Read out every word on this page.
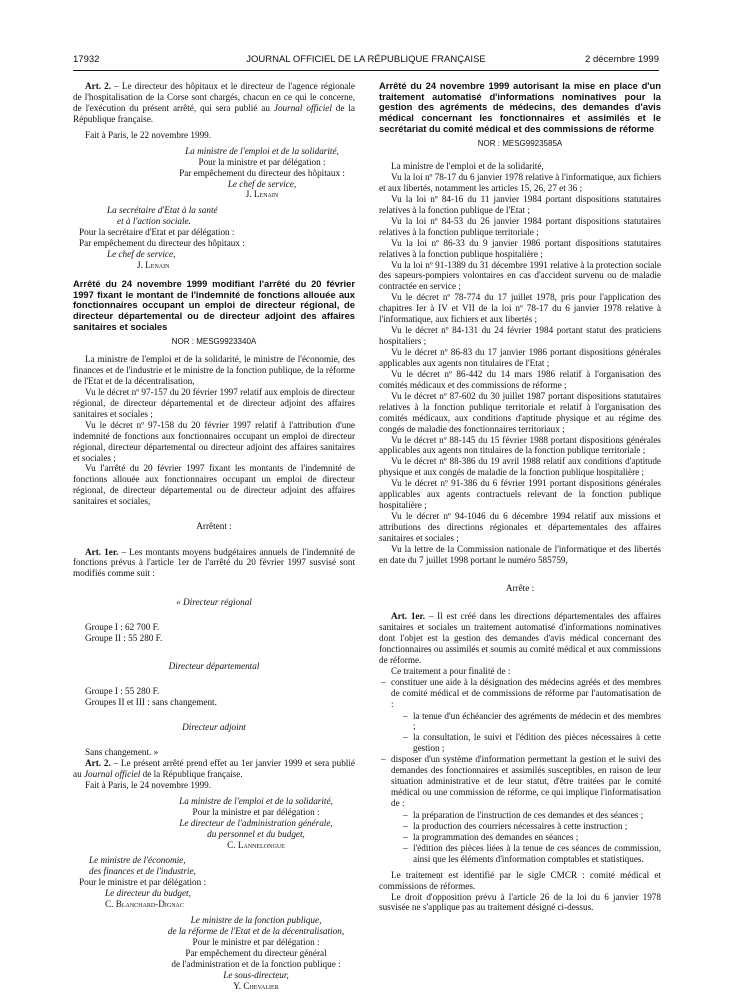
17932	JOURNAL OFFICIEL DE LA RÉPUBLIQUE FRANÇAISE	2 décembre 1999

Art. 2. – Le directeur des hôpitaux et le directeur de l'agence régionale de l'hospitalisation de la Corse sont chargés, chacun en ce qui le concerne, de l'exécution du présent arrêté, qui sera publié au Journal officiel de la République française.

Fait à Paris, le 22 novembre 1999.

La ministre de l'emploi et de la solidarité,

Pour la ministre et par délégation :

Par empêchement du directeur des hôpitaux :

Le chef de service,

J. Lenain

La secrétaire d'Etat à la santé

et à l'action sociale.

Pour la secrétaire d'Etat et par délégation :

Par empêchement du directeur des hôpitaux :

Le chef de service,

J. Lenain

Arrêté du 24 novembre 1999 modifiant l'arrêté du 20 février 1997 fixant le montant de l'indemnité de fonctions allouée aux fonctionnaires occupant un emploi de directeur régional, de directeur départemental ou de directeur adjoint des affaires sanitaires et sociales

NOR : MESG9923340A

La ministre de l'emploi et de la solidarité, le ministre de l'économie, des finances et de l'industrie et le ministre de la fonction publique, de la réforme de l'Etat et de la décentralisation,

Vu le décret nº 97-157 du 20 février 1997 relatif aux emplois de directeur régional, de directeur départemental et de directeur adjoint des affaires sanitaires et sociales ;

Vu le décret nº 97-158 du 20 février 1997 relatif à l'attribution d'une indemnité de fonctions aux fonctionnaires occupant un emploi de directeur régional, directeur départemental ou directeur adjoint des affaires sanitaires et sociales ;

Vu l'arrêté du 20 février 1997 fixant les montants de l'indemnité de fonctions allouée aux fonctionnaires occupant un emploi de directeur régional, de directeur départemental ou de directeur adjoint des affaires sanitaires et sociales,

Arrêtent :

Art. 1er. – Les montants moyens budgétaires annuels de l'indemnité de fonctions prévus à l'article 1er de l'arrêté du 20 février 1997 susvisé sont modifiés comme suit :

« Directeur régional

Groupe I : 62 700 F.

Groupe II : 55 280 F.

Directeur départemental

Groupe I : 55 280 F.

Groupes II et III : sans changement.

Directeur adjoint

Sans changement. »

Art. 2. – Le présent arrêté prend effet au 1er janvier 1999 et sera publié au Journal officiel de la République française.

Fait à Paris, le 24 novembre 1999.

La ministre de l'emploi et de la solidarité,

Pour la ministre et par délégation :

Le directeur de l'administration générale,

du personnel et du budget,

C. Lannelongue

Le ministre de l'économie,

des finances et de l'industrie,

Pour le ministre et par délégation :

Le directeur du budget,

C. Blanchard-Dignac

Le ministre de la fonction publique,

de la réforme de l'Etat et de la décentralisation,

Pour le ministre et par délégation :

Par empêchement du directeur général

de l'administration et de la fonction publique :

Le sous-directeur,

Y. Chevalier

Arrêté du 24 novembre 1999 autorisant la mise en place d'un traitement automatisé d'informations nominatives pour la gestion des agréments de médecins, des demandes d'avis médical concernant les fonctionnaires et assimilés et le secrétariat du comité médical et des commissions de réforme

NOR : MESG9923585A

La ministre de l'emploi et de la solidarité,

Vu la loi nº 78-17 du 6 janvier 1978 relative à l'informatique, aux fichiers et aux libertés, notamment les articles 15, 26, 27 et 36 ;

Vu la loi nº 84-16 du 11 janvier 1984 portant dispositions statutaires relatives à la fonction publique de l'Etat ;

Vu la loi nº 84-53 du 26 janvier 1984 portant dispositions statutaires relatives à la fonction publique territoriale ;

Vu la loi nº 86-33 du 9 janvier 1986 portant dispositions statutaires relatives à la fonction publique hospitalière ;

Vu la loi nº 91-1389 du 31 décembre 1991 relative à la protection sociale des sapeurs-pompiers volontaires en cas d'accident survenu ou de maladie contractée en service ;

Vu le décret nº 78-774 du 17 juillet 1978, pris pour l'application des chapitres Ier à IV et VII de la loi nº 78-17 du 6 janvier 1978 relative à l'informatique, aux fichiers et aux libertés ;

Vu le décret nº 84-131 du 24 février 1984 portant statut des praticiens hospitaliers ;

Vu le décret nº 86-83 du 17 janvier 1986 portant dispositions générales applicables aux agents non titulaires de l'Etat ;

Vu le décret nº 86-442 du 14 mars 1986 relatif à l'organisation des comités médicaux et des commissions de réforme ;

Vu le décret nº 87-602 du 30 juillet 1987 portant dispositions statutaires relatives à la fonction publique territoriale et relatif à l'organisation des comités médicaux, aux conditions d'aptitude physique et au régime des congés de maladie des fonctionnaires territoriaux ;

Vu le décret nº 88-145 du 15 février 1988 portant dispositions générales applicables aux agents non titulaires de la fonction publique territoriale ;

Vu le décret nº 88-386 du 19 avril 1988 relatif aux conditions d'aptitude physique et aux congés de maladie de la fonction publique hospitalière ;

Vu le décret nº 91-386 du 6 février 1991 portant dispositions générales applicables aux agents contractuels relevant de la fonction publique hospitalière ;

Vu le décret nº 94-1046 du 6 décembre 1994 relatif aux missions et attributions des directions régionales et départementales des affaires sanitaires et sociales ;

Vu la lettre de la Commission nationale de l'informatique et des libertés en date du 7 juillet 1998 portant le numéro 585759,

Arrête :

Art. 1er. – Il est créé dans les directions départementales des affaires sanitaires et sociales un traitement automatisé d'informations nominatives dont l'objet est la gestion des demandes d'avis médical concernant des fonctionnaires ou assimilés et soumis au comité médical et aux commissions de réforme.

Ce traitement a pour finalité de :

– constituer une aide à la désignation des médecins agréés et des membres de comité médical et de commissions de réforme par l'automatisation de :
– la tenue d'un échéancier des agréments de médecin et des membres ;
– la consultation, le suivi et l'édition des pièces nécessaires à cette gestion ;
– disposer d'un système d'information permettant la gestion et le suivi des demandes des fonctionnaires et assimilés susceptibles, en raison de leur situation administrative et de leur statut, d'être traitées par le comité médical ou une commission de réforme, ce qui implique l'informatisation de :
– la préparation de l'instruction de ces demandes et des séances ;
– la production des courriers nécessaires à cette instruction ;
– la programmation des demandes en séances ;
– l'édition des pièces liées à la tenue de ces séances de commission, ainsi que les éléments d'information comptables et statistiques.

Le traitement est identifié par le sigle CMCR : comité médical et commissions de réformes.

Le droit d'opposition prévu à l'article 26 de la loi du 6 janvier 1978 susvisée ne s'applique pas au traitement désigné ci-dessus.
